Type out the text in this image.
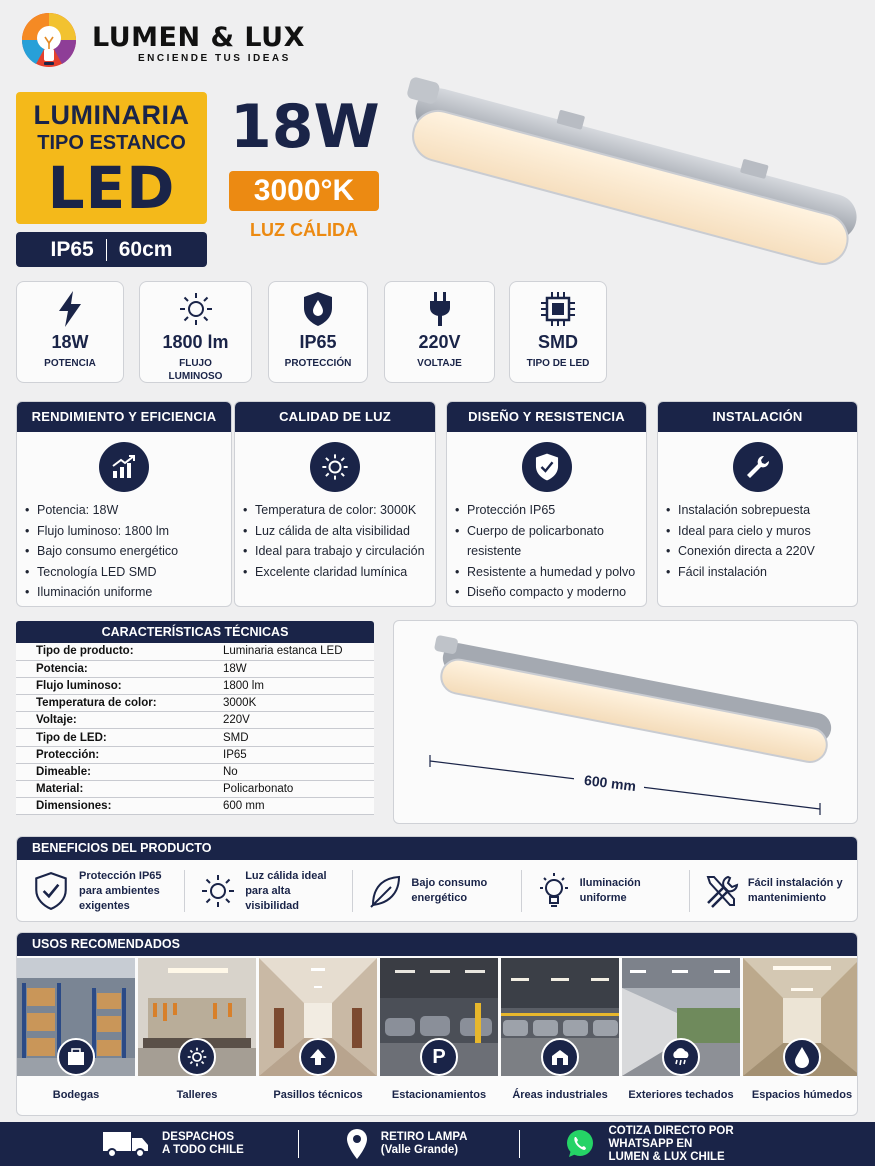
LUMEN & LUX
ENCIENDE TUS IDEAS
LUMINARIA
TIPO ESTANCO
LED
IP65 60cm
18W
3000°K
LUZ CÁLIDA
18W
POTENCIA
1800 lm
FLUJO LUMINOSO
IP65
PROTECCIÓN
220V
VOLTAJE
SMD
TIPO DE LED
RENDIMIENTO Y EFICIENCIA
• Potencia: 18W
• Flujo luminoso: 1800 lm
• Bajo consumo energético
• Tecnología LED SMD
• Iluminación uniforme
CALIDAD DE LUZ
• Temperatura de color: 3000K
• Luz cálida de alta visibilidad
• Ideal para trabajo y circulación
• Excelente claridad lumínica
DISEÑO Y RESISTENCIA
• Protección IP65
• Cuerpo de policarbonato resistente
• Resistente a humedad y polvo
• Diseño compacto y moderno
INSTALACIÓN
• Instalación sobrepuesta
• Ideal para cielo y muros
• Conexión directa a 220V
• Fácil instalación
CARACTERÍSTICAS TÉCNICAS
Tipo de producto:	Luminaria estanca LED
Potencia:	18W
Flujo luminoso:	1800 lm
Temperatura de color:	3000K
Voltaje:	220V
Tipo de LED:	SMD
Protección:	IP65
Dimeable:	No
Material:	Policarbonato
Dimensiones:	600 mm
600 mm
BENEFICIOS DEL PRODUCTO
Protección IP65 para ambientes exigentes
Luz cálida ideal para alta visibilidad
Bajo consumo energético
Iluminación uniforme
Fácil instalación y mantenimiento
USOS RECOMENDADOS
Bodegas	Talleres	Pasillos técnicos
P
Estacionamientos	Áreas industriales	Exteriores techados	Espacios húmedos
DESPACHOS
A TODO CHILE
RETIRO LAMPA
(Valle Grande)
COTIZA DIRECTO POR
WHATSAPP EN
LUMEN & LUX CHILE
